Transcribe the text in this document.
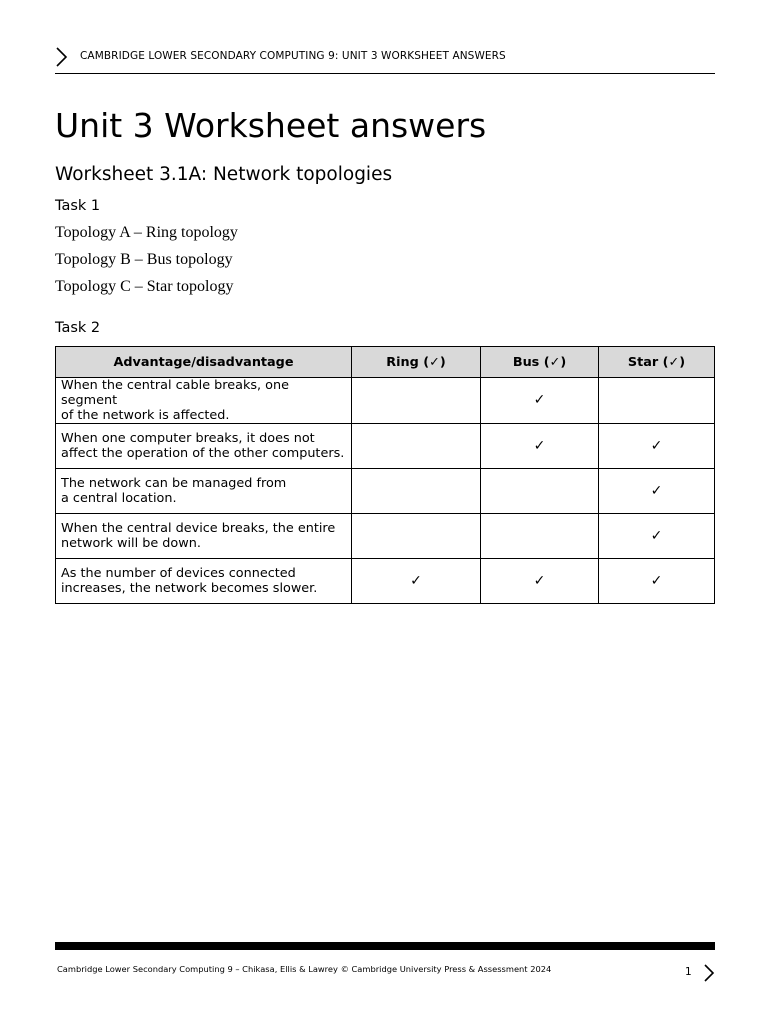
CAMBRIDGE LOWER SECONDARY COMPUTING 9: UNIT 3 WORKSHEET ANSWERS
Unit 3 Worksheet answers
Worksheet 3.1A: Network topologies
Task 1
Topology A – Ring topology
Topology B – Bus topology
Topology C – Star topology
Task 2
Advantage/disadvantage	Ring (✓)	Bus (✓)	Star (✓)
When the central cable breaks, one segment
of the network is affected.		✓	
When one computer breaks, it does not
affect the operation of the other computers.		✓	✓
The network can be managed from
a central location.			✓
When the central device breaks, the entire
network will be down.			✓
As the number of devices connected
increases, the network becomes slower.	✓	✓	✓
Cambridge Lower Secondary Computing 9 – Chikasa, Ellis & Lawrey © Cambridge University Press & Assessment 2024	1
